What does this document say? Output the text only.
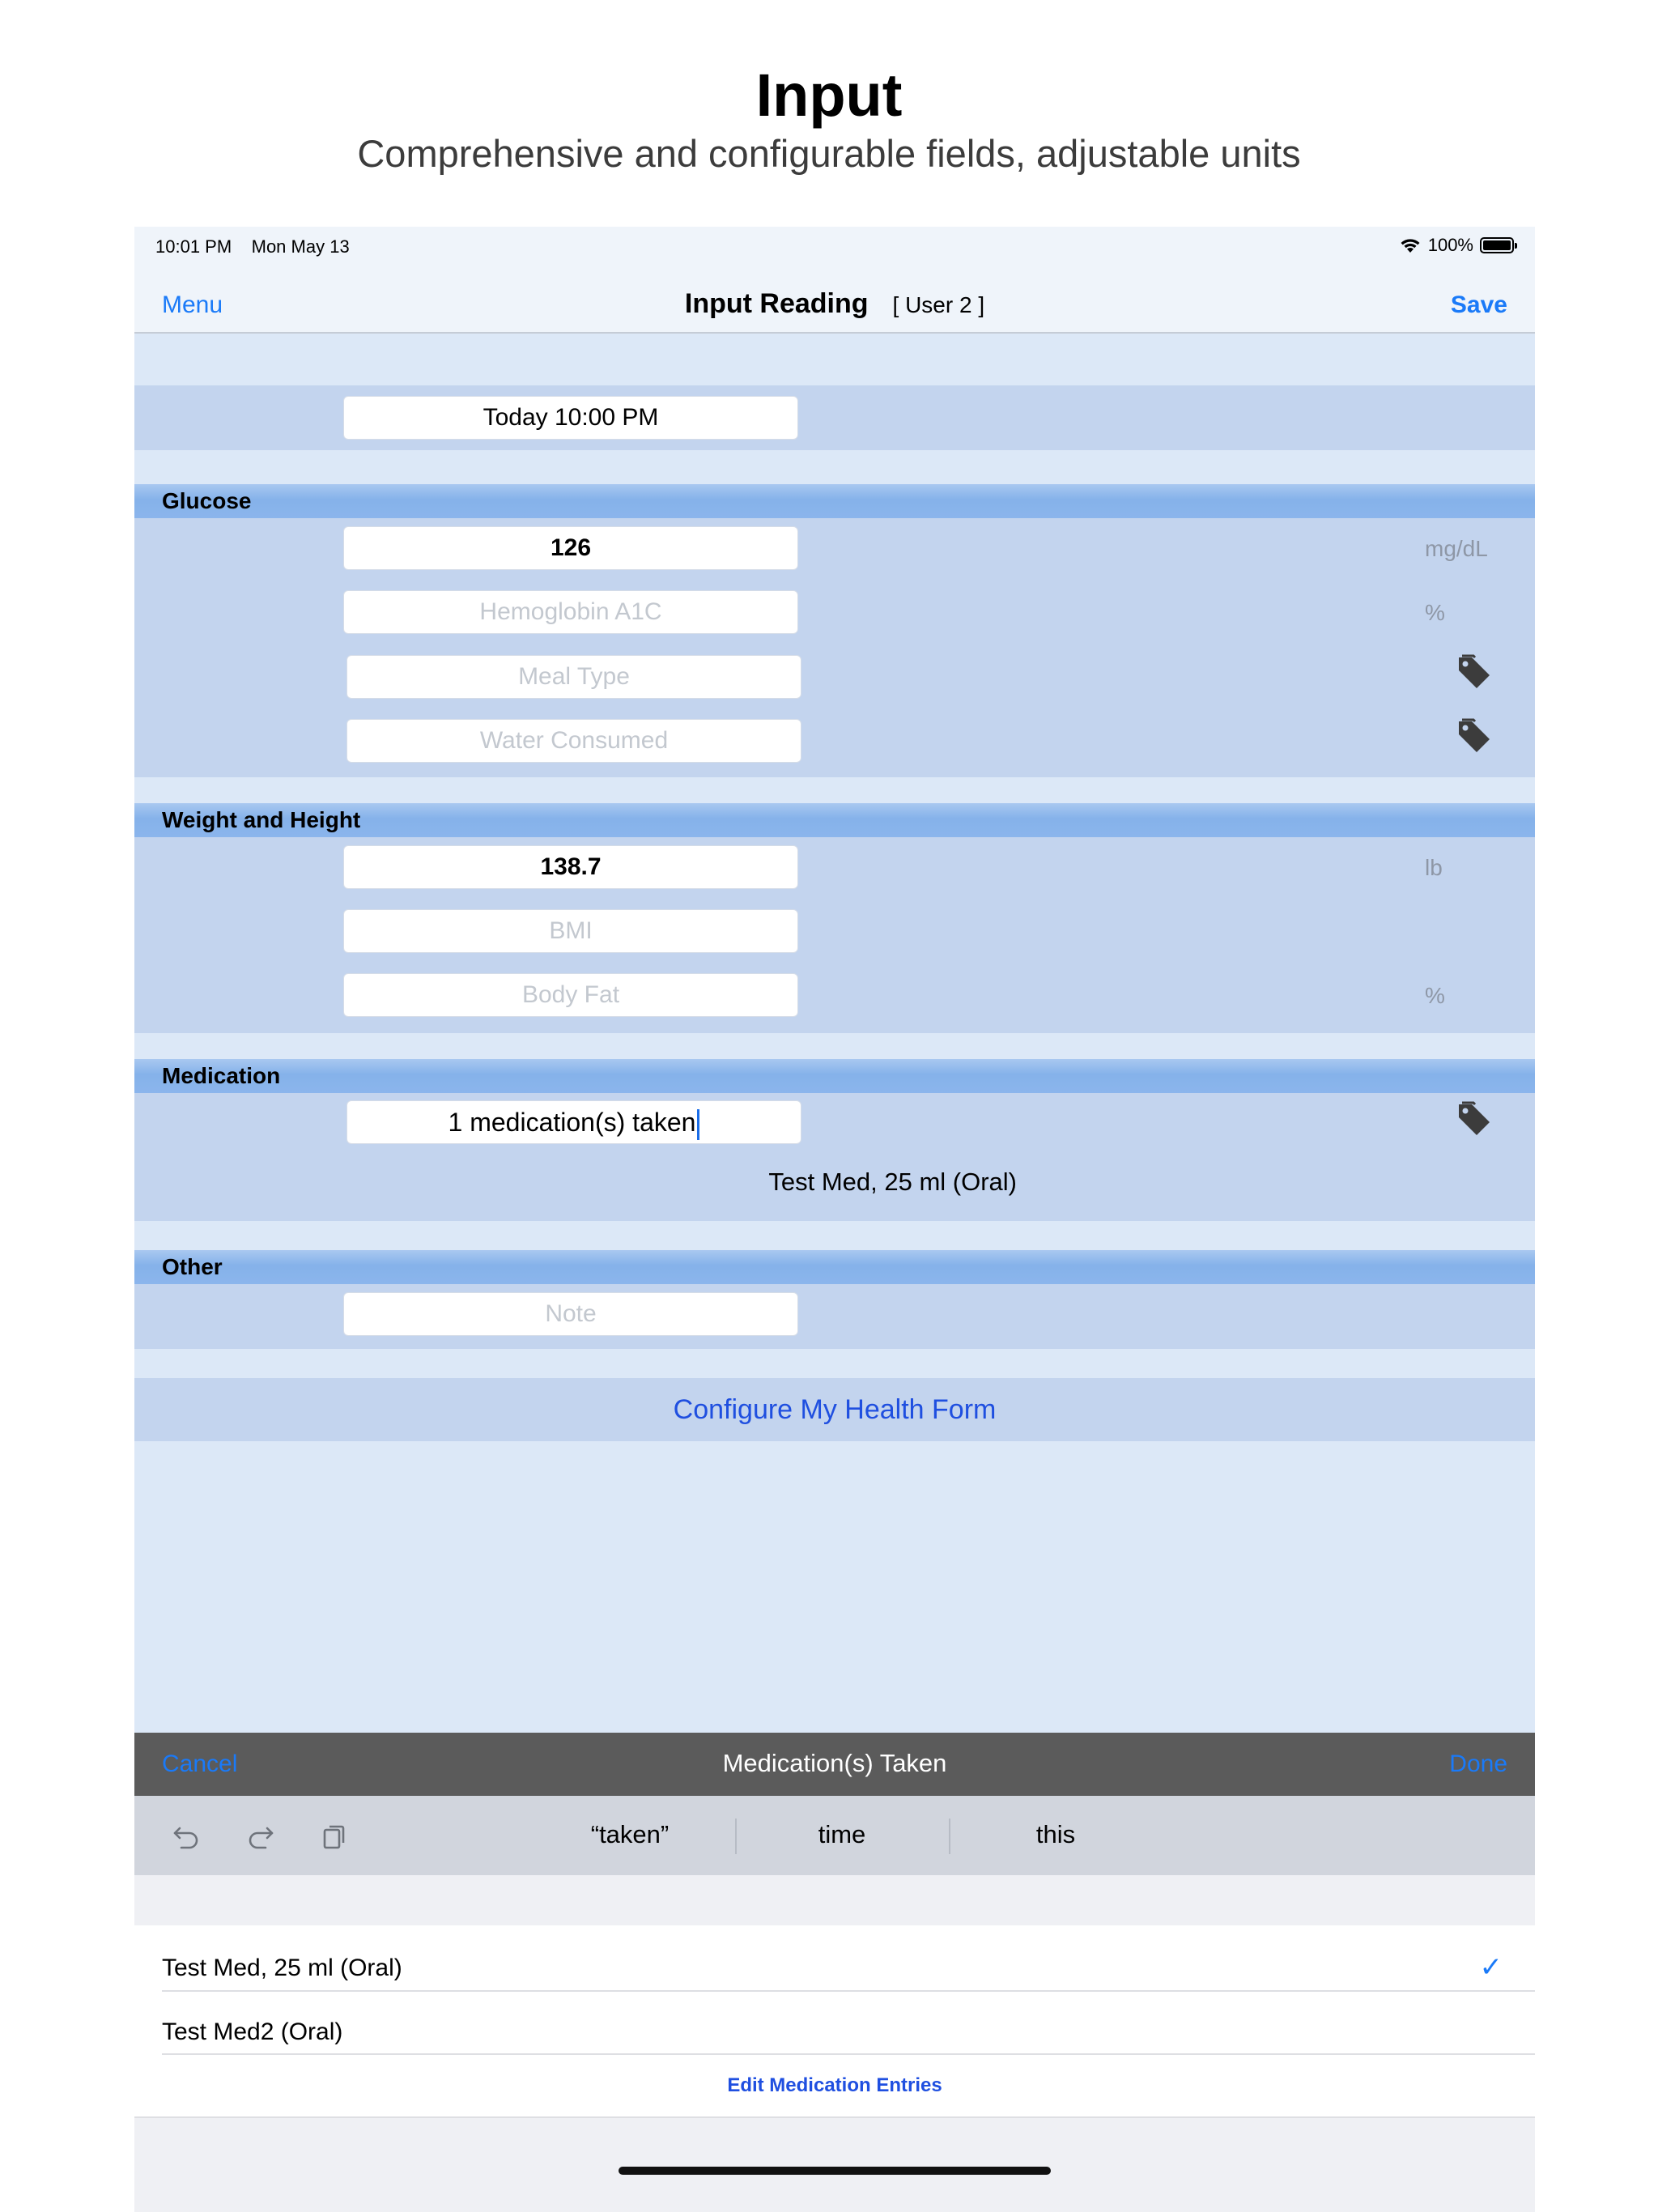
Input
Comprehensive and configurable fields, adjustable units
10:01 PM Mon May 13	100%
Menu	Input Reading [ User 2 ]	Save
Today 10:00 PM
Glucose
126	mg/dL
Hemoglobin A1C	%
Meal Type
Water Consumed
Weight and Height
138.7	lb
BMI
Body Fat	%
Medication
1 medication(s) taken
Test Med, 25 ml (Oral)
Other
Note
Configure My Health Form
Cancel	Medication(s) Taken	Done
“taken”	time	this
Test Med, 25 ml (Oral)	✓
Test Med2 (Oral)
Edit Medication Entries
